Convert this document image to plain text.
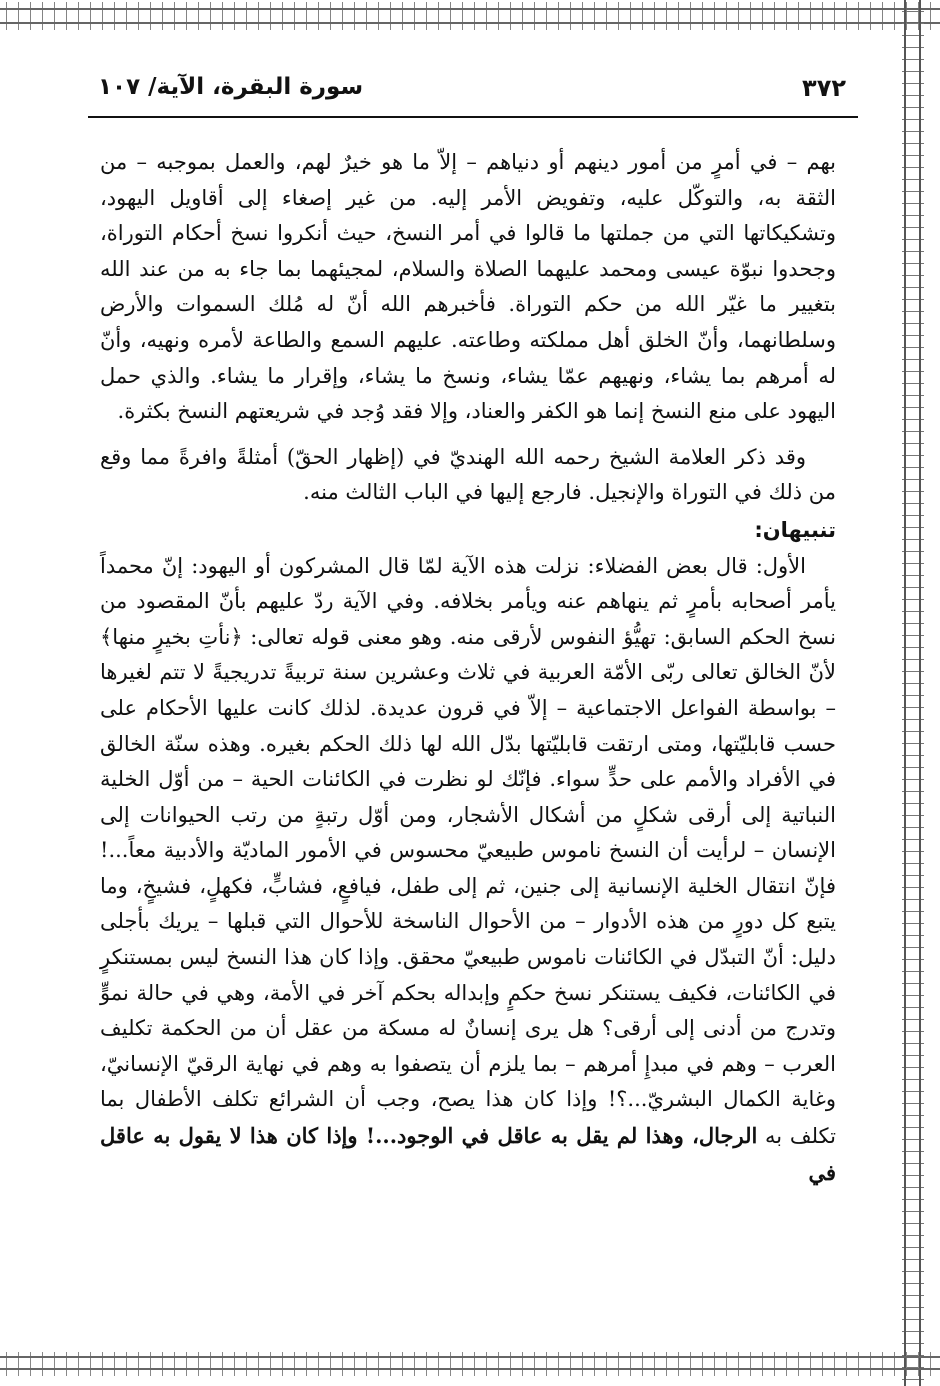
٣٧٢
سورة البقرة، الآية/ ١٠٧

بهم – في أمرٍ من أمور دينهم أو دنياهم – إلاّ ما هو خيرٌ لهم، والعمل بموجبه – من الثقة به، والتوكّل عليه، وتفويض الأمر إليه. من غير إصغاء إلى أقاويل اليهود، وتشكيكاتها التي من جملتها ما قالوا في أمر النسخ، حيث أنكروا نسخ أحكام التوراة، وجحدوا نبوّة عيسى ومحمد عليهما الصلاة والسلام، لمجيئهما بما جاء به من عند الله بتغيير ما غيّر الله من حكم التوراة. فأخبرهم الله أنّ له مُلك السموات والأرض وسلطانهما، وأنّ الخلق أهل مملكته وطاعته. عليهم السمع والطاعة لأمره ونهيه، وأنّ له أمرهم بما يشاء، ونهيهم عمّا يشاء، ونسخ ما يشاء، وإقرار ما يشاء. والذي حمل اليهود على منع النسخ إنما هو الكفر والعناد، وإلا فقد وُجد في شريعتهم النسخ بكثرة.

وقد ذكر العلامة الشيخ رحمه الله الهنديّ في (إظهار الحقّ) أمثلةً وافرةً مما وقع من ذلك في التوراة والإنجيل. فارجع إليها في الباب الثالث منه.

تنبيهان:

الأول: قال بعض الفضلاء: نزلت هذه الآية لمّا قال المشركون أو اليهود: إنّ محمداً يأمر أصحابه بأمرٍ ثم ينهاهم عنه ويأمر بخلافه. وفي الآية ردّ عليهم بأنّ المقصود من نسخ الحكم السابق: تهيُّؤ النفوس لأرقى منه. وهو معنى قوله تعالى: ﴿نأتِ بخيرٍ منها﴾ لأنّ الخالق تعالى ربّى الأمّة العربية في ثلاث وعشرين سنة تربيةً تدريجيةً لا تتم لغيرها – بواسطة الفواعل الاجتماعية – إلاّ في قرون عديدة. لذلك كانت عليها الأحكام على حسب قابليّتها، ومتى ارتقت قابليّتها بدّل الله لها ذلك الحكم بغيره. وهذه سنّة الخالق في الأفراد والأمم على حدٍّ سواء. فإنّك لو نظرت في الكائنات الحية – من أوّل الخلية النباتية إلى أرقى شكلٍ من أشكال الأشجار، ومن أوّل رتبةٍ من رتب الحيوانات إلى الإنسان – لرأيت أن النسخ ناموس طبيعيّ محسوس في الأمور الماديّة والأدبية معاً...! فإنّ انتقال الخلية الإنسانية إلى جنين، ثم إلى طفل، فيافعٍ، فشابٍّ، فكهلٍ، فشيخٍ، وما يتبع كل دورٍ من هذه الأدوار – من الأحوال الناسخة للأحوال التي قبلها – يريك بأجلى دليل: أنّ التبدّل في الكائنات ناموس طبيعيّ محقق. وإذا كان هذا النسخ ليس بمستنكرٍ في الكائنات، فكيف يستنكر نسخ حكمٍ وإبداله بحكم آخر في الأمة، وهي في حالة نموٍّ وتدرج من أدنى إلى أرقى؟ هل يرى إنسانٌ له مسكة من عقل أن من الحكمة تكليف العرب – وهم في مبدإِ أمرهم – بما يلزم أن يتصفوا به وهم في نهاية الرقيّ الإنسانيّ، وغاية الكمال البشريّ...؟! وإذا كان هذا يصح، وجب أن الشرائع تكلف الأطفال بما تكلف به الرجال، وهذا لم يقل به عاقل في الوجود...! وإذا كان هذا لا يقول به عاقل في
